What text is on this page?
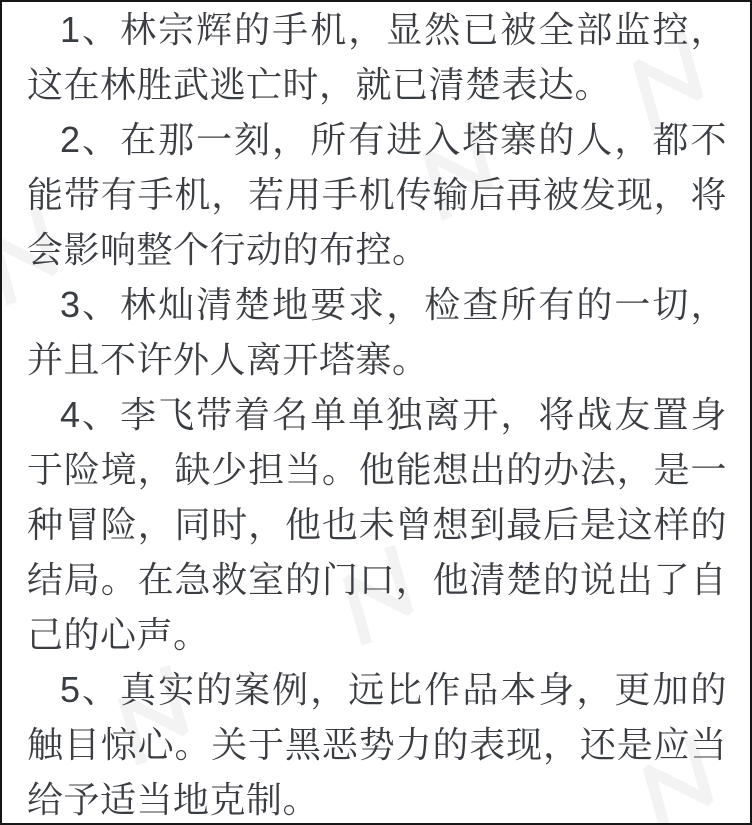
1、林宗辉的手机，显然已被全部监控，这在林胜武逃亡时，就已清楚表达。

2、在那一刻，所有进入塔寨的人，都不能带有手机，若用手机传输后再被发现，将会影响整个行动的布控。

3、林灿清楚地要求，检查所有的一切，并且不许外人离开塔寨。

4、李飞带着名单单独离开，将战友置身于险境，缺少担当。他能想出的办法，是一种冒险，同时，他也未曾想到最后是这样的结局。在急救室的门口，他清楚的说出了自己的心声。

5、真实的案例，远比作品本身，更加的触目惊心。关于黑恶势力的表现，还是应当给予适当地克制。
